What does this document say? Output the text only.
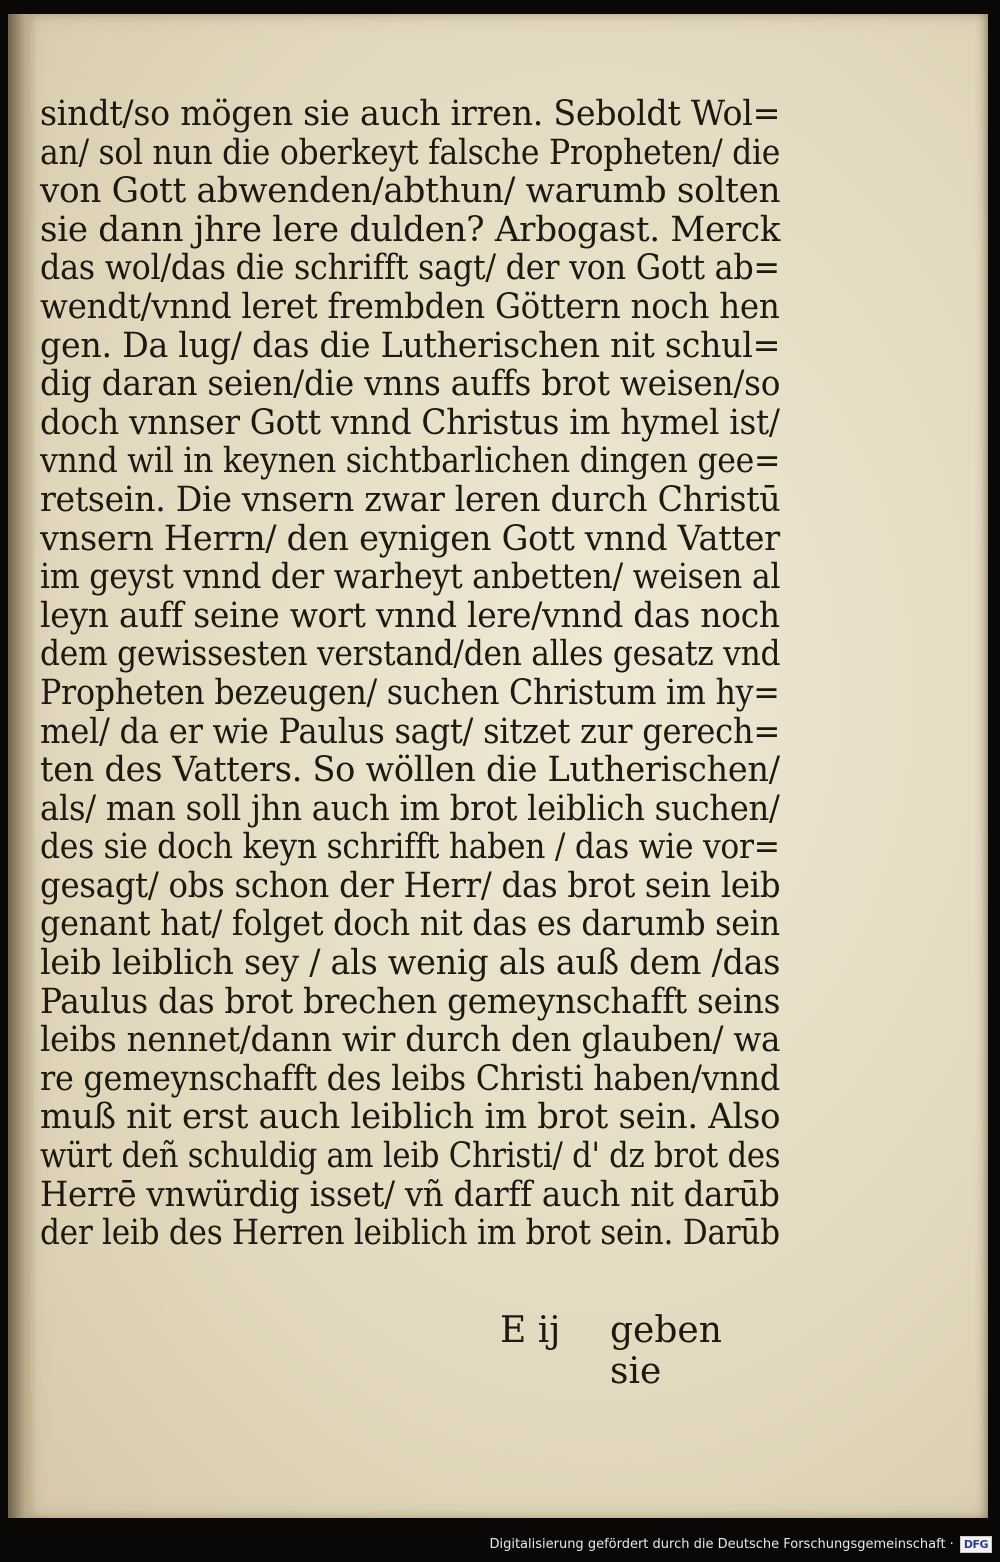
sindt/so mögen sie auch irren. Seboldt Wol=
an/ sol nun die oberkeyt falsche Propheten/ die
von Gott abwenden/abthun/ warumb solten
sie dann jhre lere dulden? Arbogast. Merck
das wol/das die schrifft sagt/ der von Gott ab=
wendt/vnnd leret frembden Göttern noch hen
gen. Da lug/ das die Lutherischen nit schul=
dig daran seien/die vnns auffs brot weisen/so
doch vnnser Gott vnnd Christus im hymel ist/
vnnd wil in keynen sichtbarlichen dingen gee=
retsein. Die vnsern zwar leren durch Christū
vnsern Herrn/ den eynigen Gott vnnd Vatter
im geyst vnnd der warheyt anbetten/ weisen al
leyn auff seine wort vnnd lere/vnnd das noch
dem gewissesten verstand/den alles gesatz vnd
Propheten bezeugen/ suchen Christum im hy=
mel/ da er wie Paulus sagt/ sitzet zur gerech=
ten des Vatters. So wöllen die Lutherischen/
als/ man soll jhn auch im brot leiblich suchen/
des sie doch keyn schrifft haben / das wie vor=
gesagt/ obs schon der Herr/ das brot sein leib
genant hat/ folget doch nit das es darumb sein
leib leiblich sey / als wenig als auß dem /das
Paulus das brot brechen gemeynschafft seins
leibs nennet/dann wir durch den glauben/ wa
re gemeynschafft des leibs Christi haben/vnnd
muß nit erst auch leiblich im brot sein. Also
würt deñ schuldig am leib Christi/ d' dz brot des
Herrē vnwürdig isset/ vñ darff auch nit darūb
der leib des Herren leiblich im brot sein. Darūb
E ij geben sie
Digitalisierung gefördert durch die Deutsche Forschungsgemeinschaft · DFG
